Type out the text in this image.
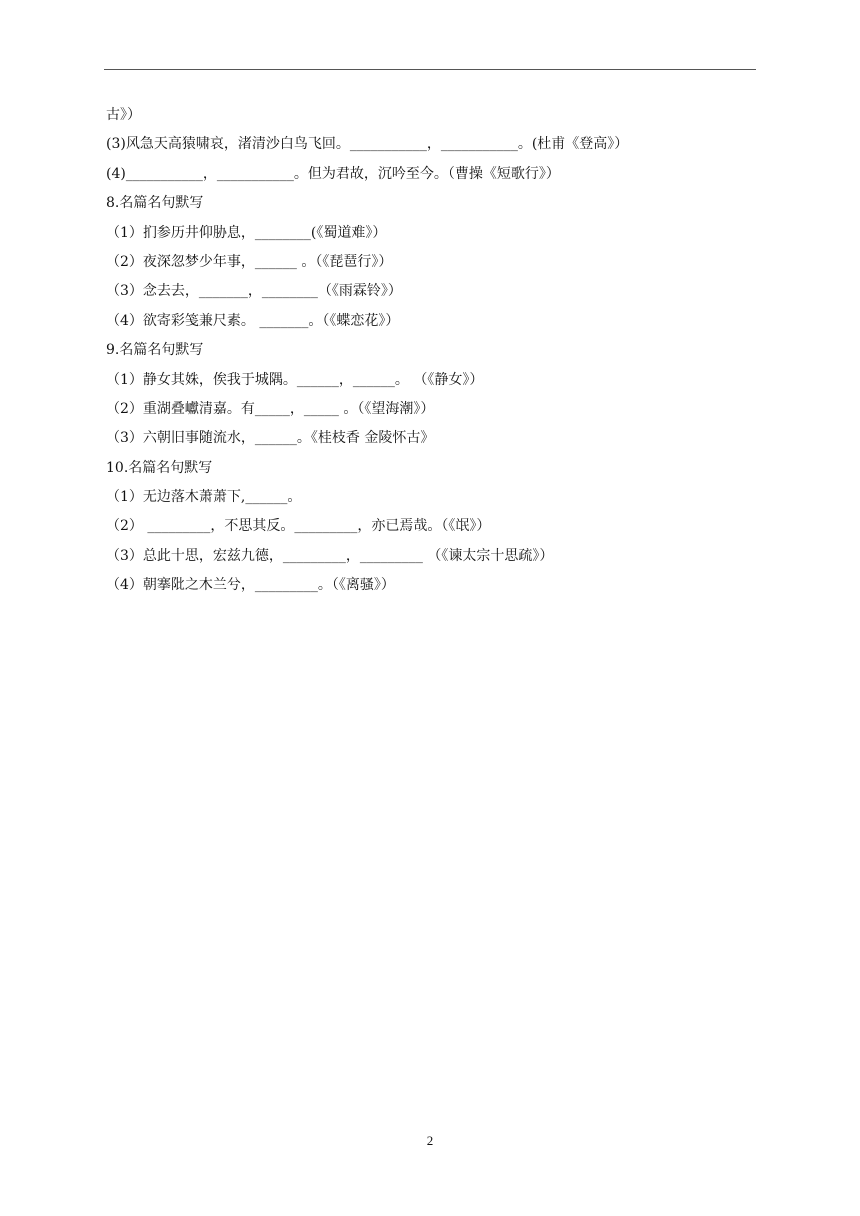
古》）
(3)风急天高猿啸哀，渚清沙白鸟飞回。___________，___________。(杜甫《登高》）
(4)___________，___________。但为君故，沉吟至今。（曹操《短歌行》）
8.名篇名句默写
（1）扪参历井仰胁息，________(《蜀道难》）
（2）夜深忽梦少年事，______ 。（《琵琶行》）
（3）念去去，_______，________（《雨霖铃》）
（4）欲寄彩笺兼尺素。 _______。（《蝶恋花》）
9.名篇名句默写
（1）静女其姝，俟我于城隅。______，______。 （《静女》）
（2）重湖叠巘清嘉。有_____，_____ 。（《望海潮》）
（3）六朝旧事随流水，______。《桂枝香 金陵怀古》
10.名篇名句默写
（1）无边落木萧萧下,______。
（2） _________，不思其反。_________，亦已焉哉。（《氓》）
（3）总此十思，宏兹九德，_________，_________ （《谏太宗十思疏》）
（4）朝搴阰之木兰兮，_________。（《离骚》）
2
